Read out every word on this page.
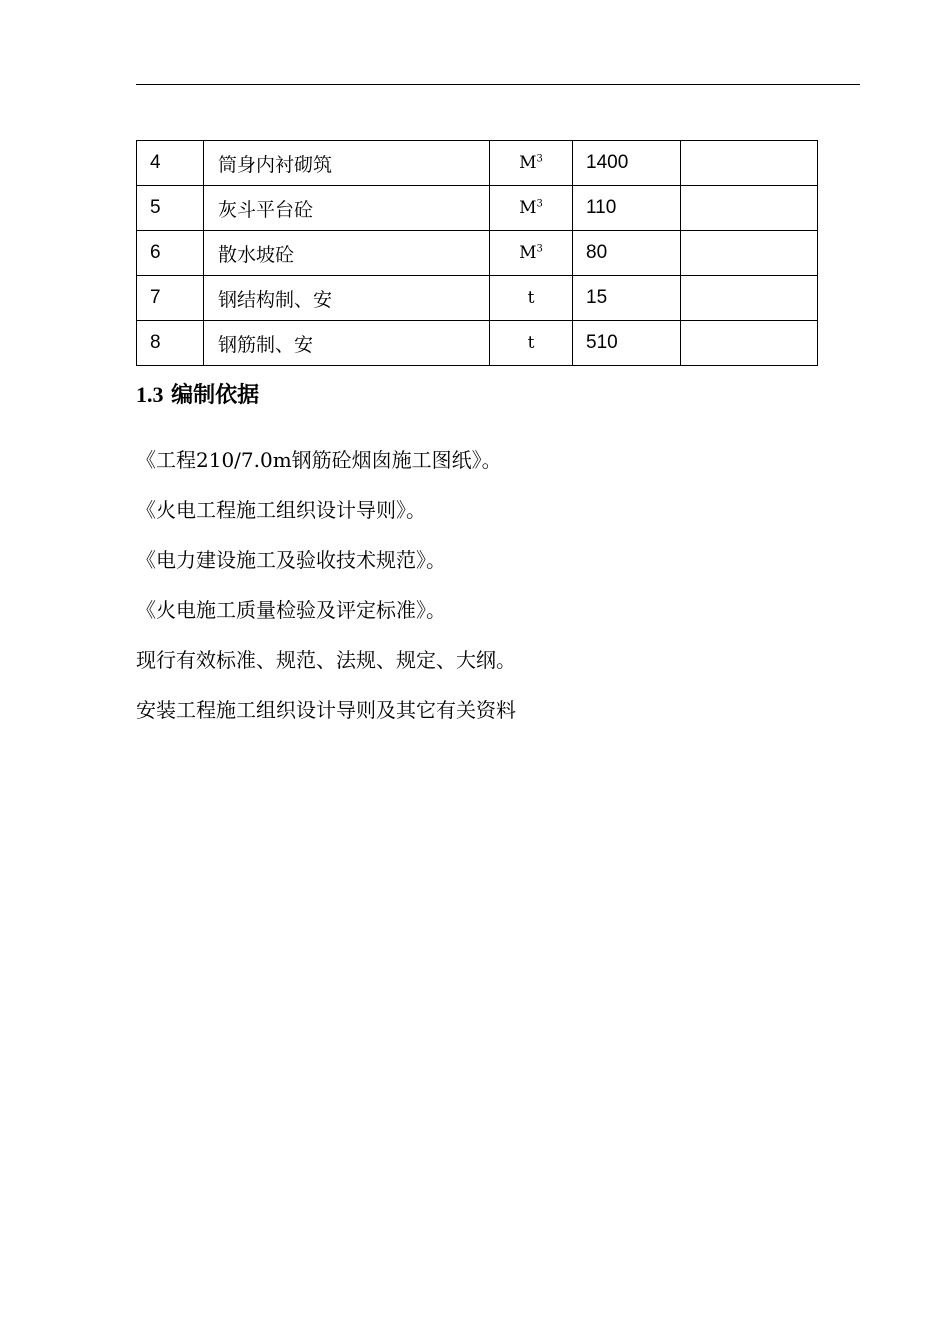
4	筒身内衬砌筑	$M^3$	1400	
5	灰斗平台砼	$M^3$	110	
6	散水坡砼	$M^3$	80	
7	钢结构制、安	t	15	
8	钢筋制、安	t	510	
1.3 编制依据
《工程210/7.0m钢筋砼烟囱施工图纸》。
《火电工程施工组织设计导则》。
《电力建设施工及验收技术规范》。
《火电施工质量检验及评定标准》。
现行有效标准、规范、法规、规定、大纲。
安装工程施工组织设计导则及其它有关资料
